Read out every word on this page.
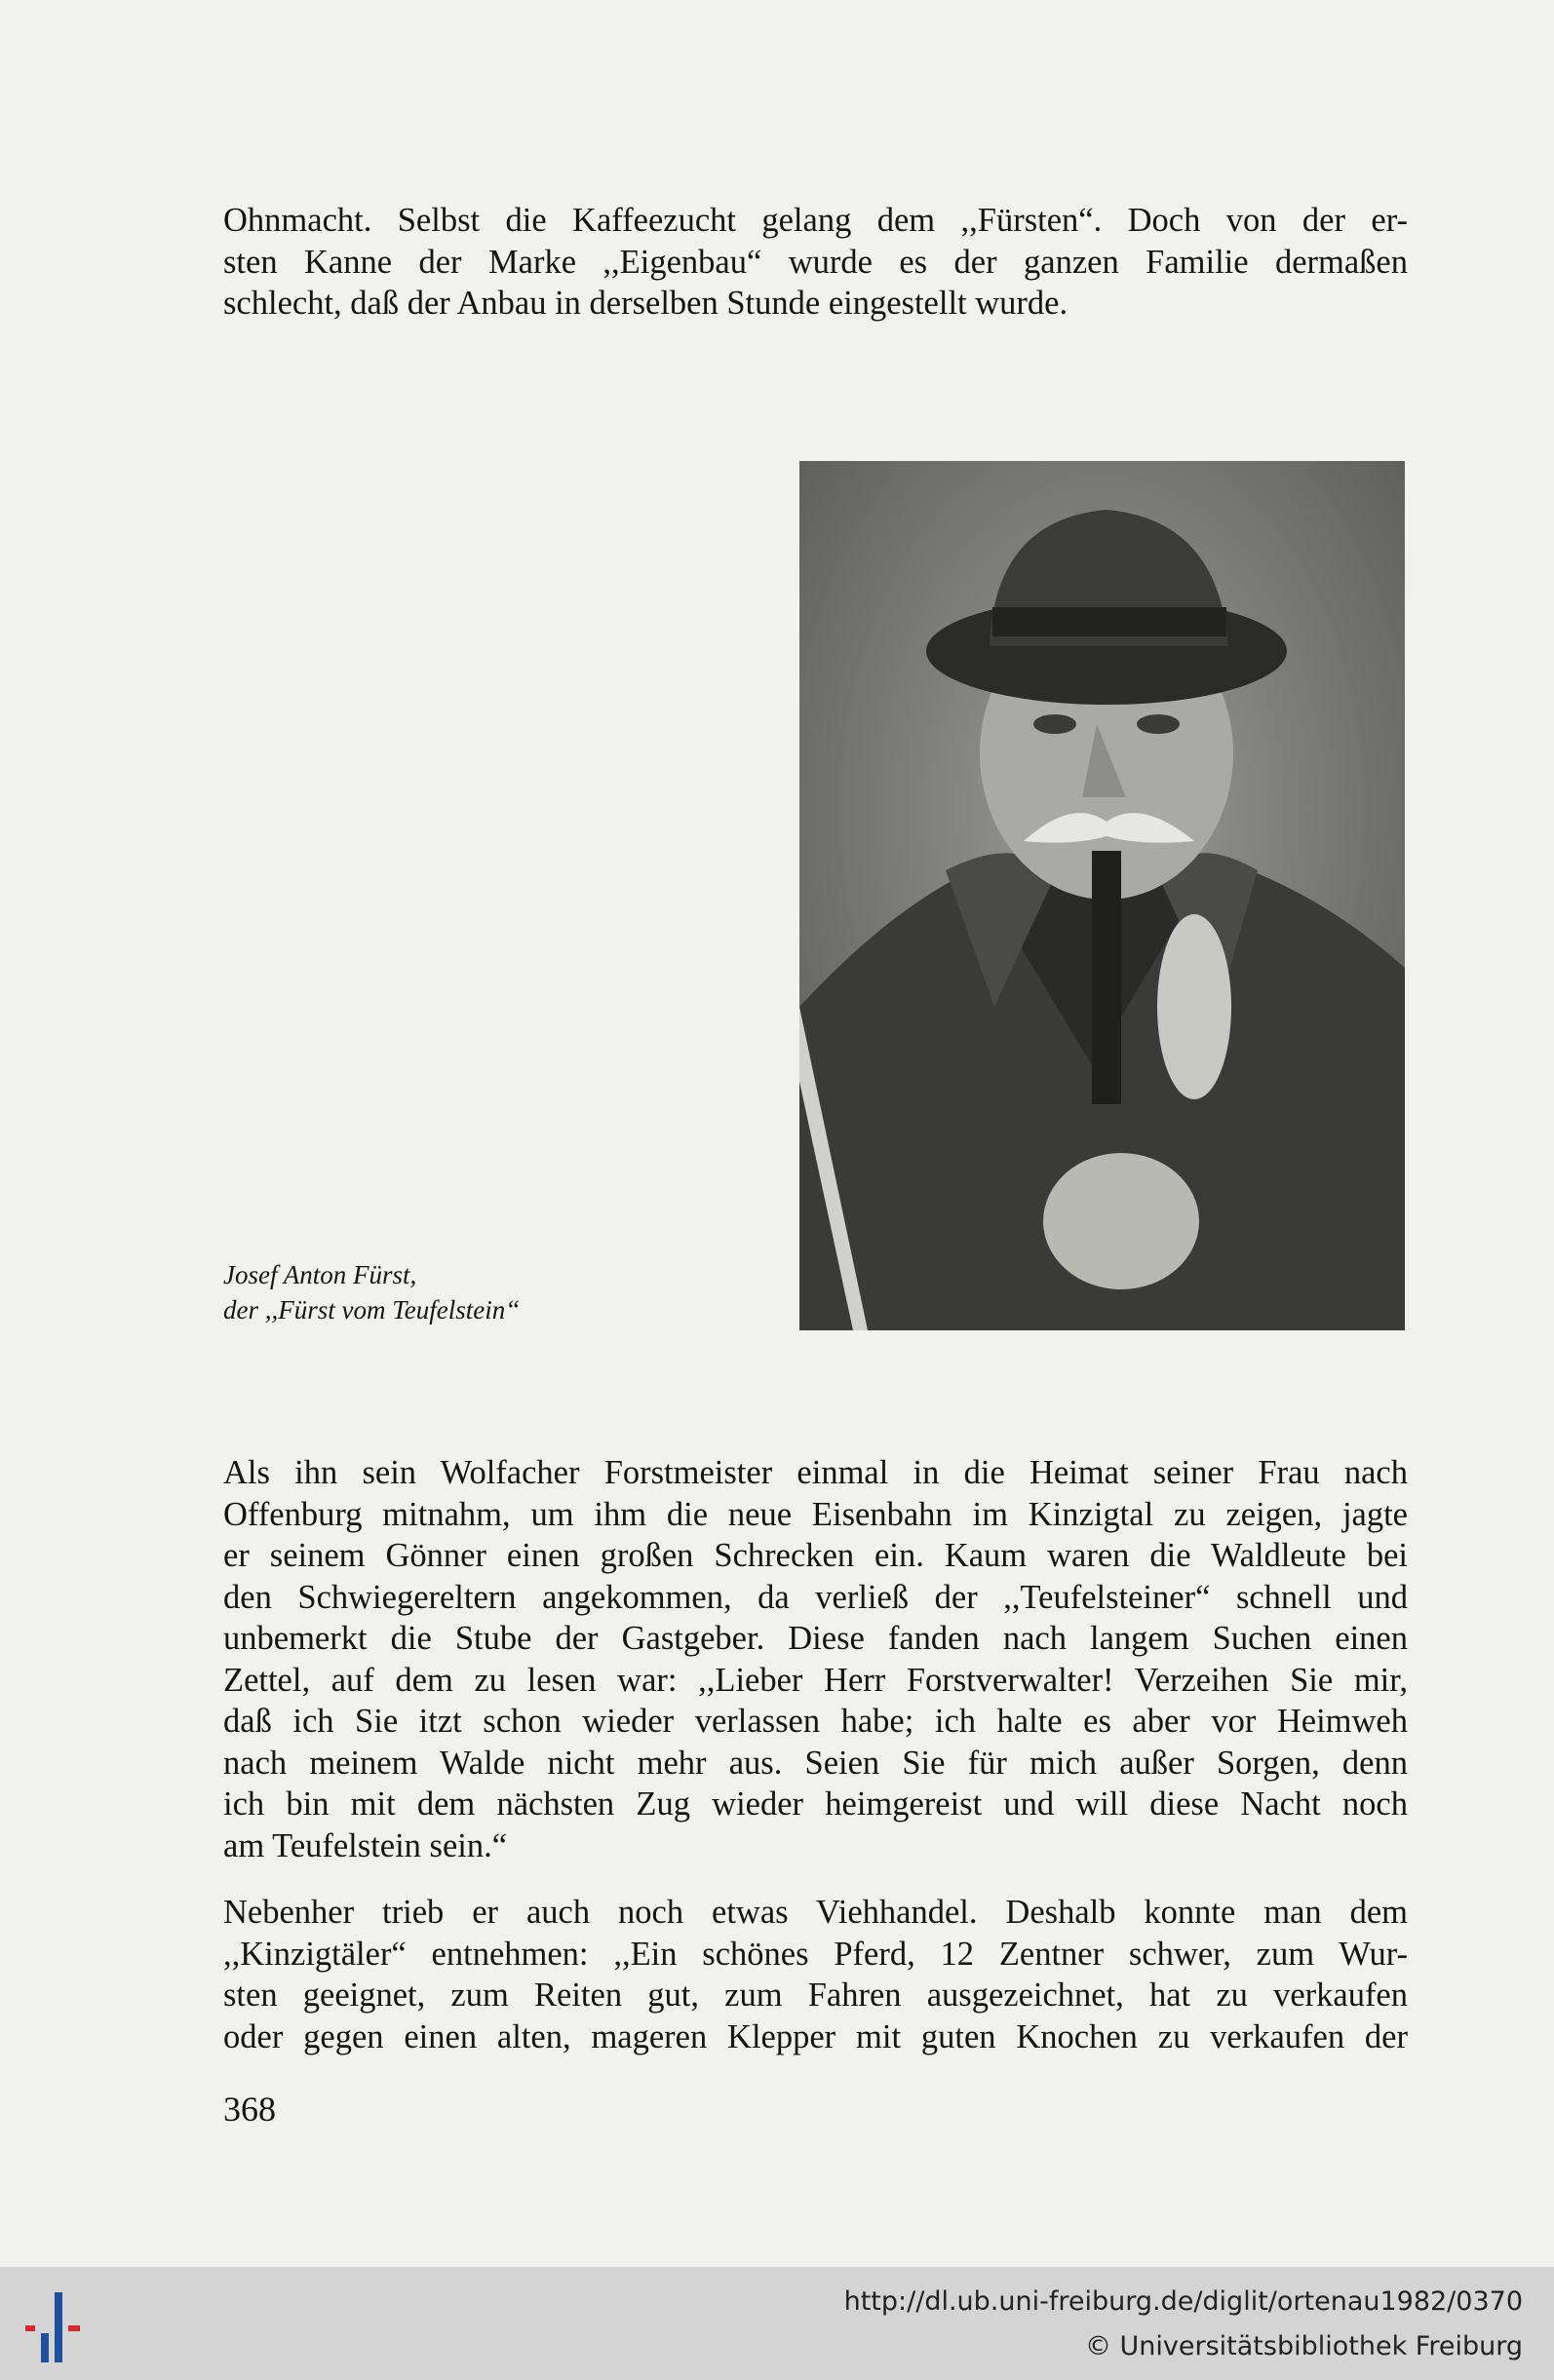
Ohnmacht. Selbst die Kaffeezucht gelang dem ,,Fürsten“. Doch von der er-
sten Kanne der Marke ,,Eigenbau“ wurde es der ganzen Familie dermaßen
schlecht, daß der Anbau in derselben Stunde eingestellt wurde.

Josef Anton Fürst,
der ,,Fürst vom Teufelstein“

Als ihn sein Wolfacher Forstmeister einmal in die Heimat seiner Frau nach
Offenburg mitnahm, um ihm die neue Eisenbahn im Kinzigtal zu zeigen, jagte
er seinem Gönner einen großen Schrecken ein. Kaum waren die Waldleute bei
den Schwiegereltern angekommen, da verließ der ,,Teufelsteiner“ schnell und
unbemerkt die Stube der Gastgeber. Diese fanden nach langem Suchen einen
Zettel, auf dem zu lesen war: ,,Lieber Herr Forstverwalter! Verzeihen Sie mir,
daß ich Sie itzt schon wieder verlassen habe; ich halte es aber vor Heimweh
nach meinem Walde nicht mehr aus. Seien Sie für mich außer Sorgen, denn
ich bin mit dem nächsten Zug wieder heimgereist und will diese Nacht noch
am Teufelstein sein.“

Nebenher trieb er auch noch etwas Viehhandel. Deshalb konnte man dem
,,Kinzigtäler“ entnehmen: ,,Ein schönes Pferd, 12 Zentner schwer, zum Wur-
sten geeignet, zum Reiten gut, zum Fahren ausgezeichnet, hat zu verkaufen
oder gegen einen alten, mageren Klepper mit guten Knochen zu verkaufen der

368
http://dl.ub.uni-freiburg.de/diglit/ortenau1982/0370
© Universitätsbibliothek Freiburg
